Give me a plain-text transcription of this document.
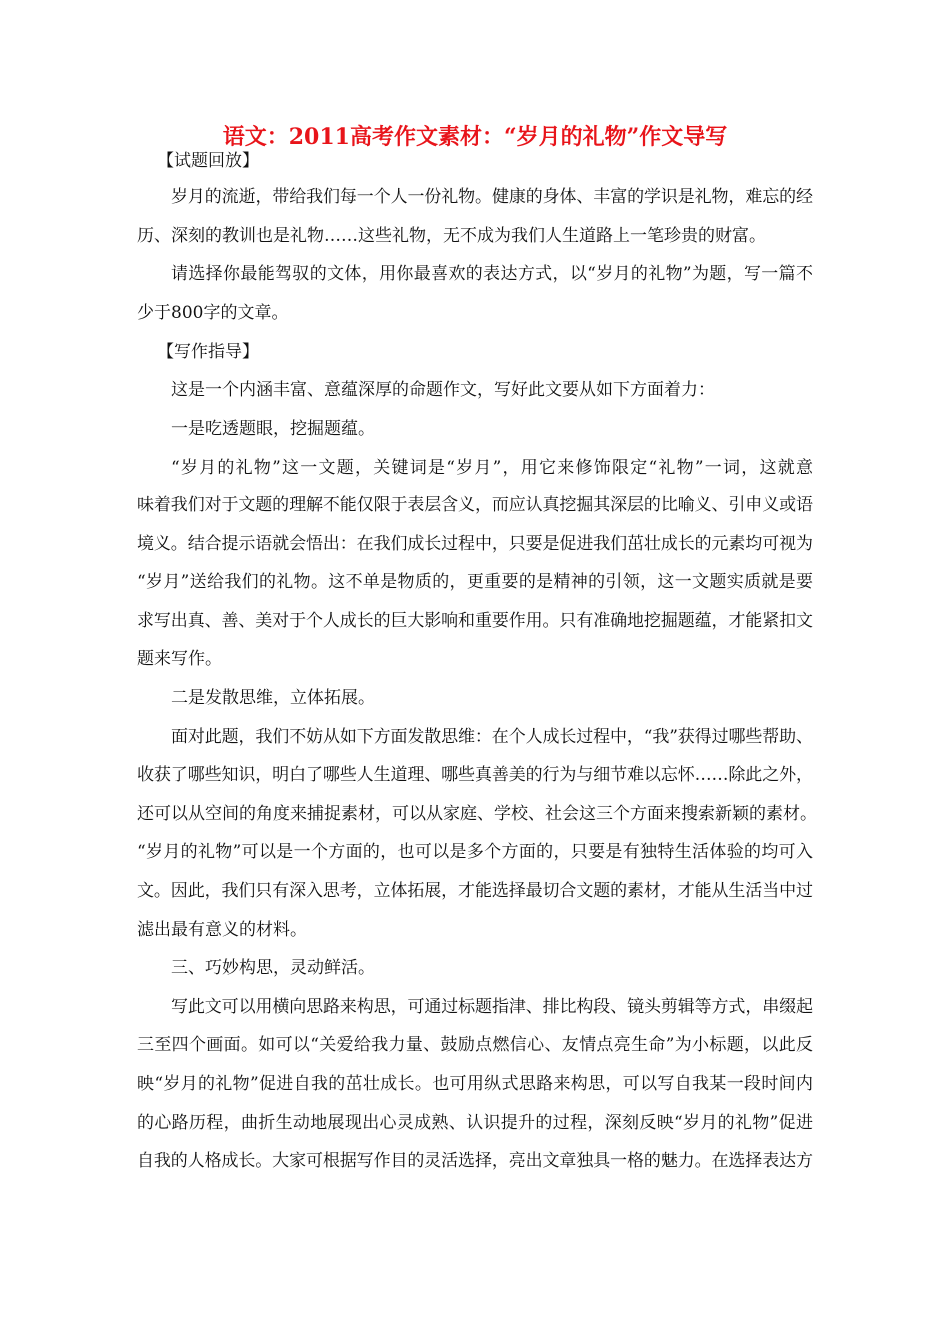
语文：2011高考作文素材：“岁月的礼物”作文导写
【试题回放】
岁月的流逝，带给我们每一个人一份礼物。健康的身体、丰富的学识是礼物，难忘的经
历、深刻的教训也是礼物……这些礼物，无不成为我们人生道路上一笔珍贵的财富。
请选择你最能驾驭的文体，用你最喜欢的表达方式，以“岁月的礼物”为题，写一篇不
少于800字的文章。
【写作指导】
这是一个内涵丰富、意蕴深厚的命题作文，写好此文要从如下方面着力：
一是吃透题眼，挖掘题蕴。
“岁月的礼物”这一文题，关键词是“岁月”，用它来修饰限定“礼物”一词，这就意
味着我们对于文题的理解不能仅限于表层含义，而应认真挖掘其深层的比喻义、引申义或语
境义。结合提示语就会悟出：在我们成长过程中，只要是促进我们茁壮成长的元素均可视为
“岁月”送给我们的礼物。这不单是物质的，更重要的是精神的引领，这一文题实质就是要
求写出真、善、美对于个人成长的巨大影响和重要作用。只有准确地挖掘题蕴，才能紧扣文
题来写作。
二是发散思维，立体拓展。
面对此题，我们不妨从如下方面发散思维：在个人成长过程中，“我”获得过哪些帮助、
收获了哪些知识，明白了哪些人生道理、哪些真善美的行为与细节难以忘怀……除此之外，
还可以从空间的角度来捕捉素材，可以从家庭、学校、社会这三个方面来搜索新颖的素材。
“岁月的礼物”可以是一个方面的，也可以是多个方面的，只要是有独特生活体验的均可入
文。因此，我们只有深入思考，立体拓展，才能选择最切合文题的素材，才能从生活当中过
滤出最有意义的材料。
三、巧妙构思，灵动鲜活。
写此文可以用横向思路来构思，可通过标题指津、排比构段、镜头剪辑等方式，串缀起
三至四个画面。如可以“关爱给我力量、鼓励点燃信心、友情点亮生命”为小标题，以此反
映“岁月的礼物”促进自我的茁壮成长。也可用纵式思路来构思，可以写自我某一段时间内
的心路历程，曲折生动地展现出心灵成熟、认识提升的过程，深刻反映“岁月的礼物”促进
自我的人格成长。大家可根据写作目的灵活选择，亮出文章独具一格的魅力。在选择表达方
